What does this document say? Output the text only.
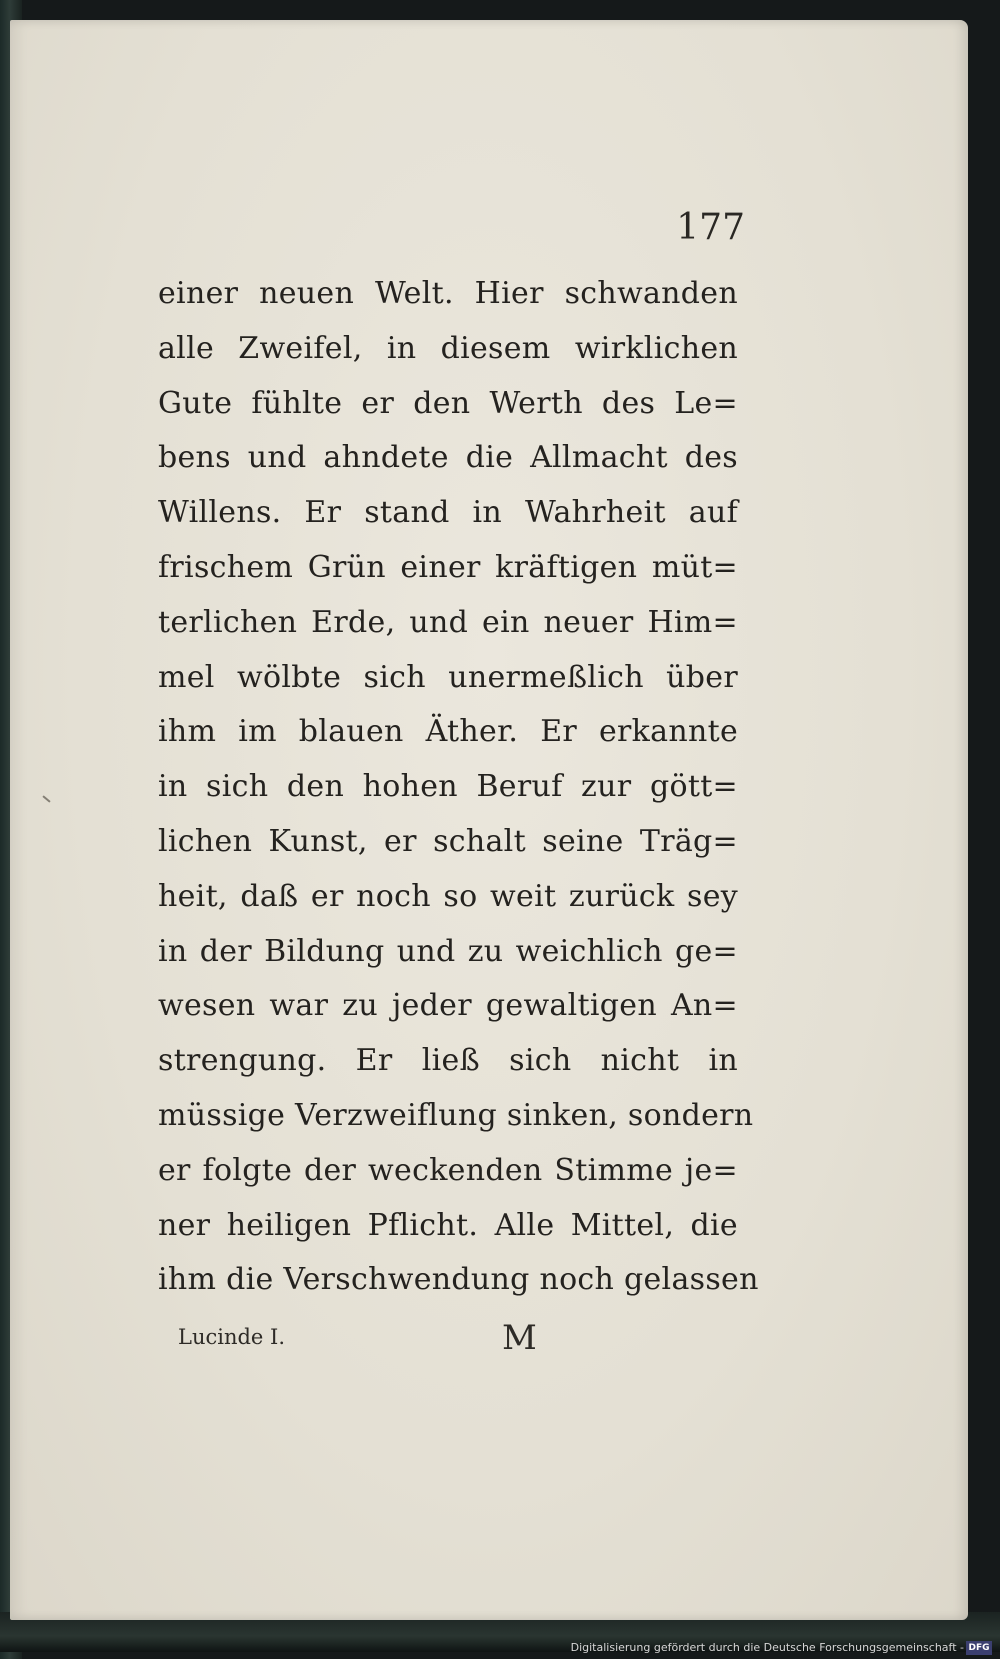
177
einer neuen Welt. Hier schwanden
alle Zweifel, in diesem wirklichen
Gute fühlte er den Werth des Le=
bens und ahndete die Allmacht des
Willens. Er stand in Wahrheit auf
frischem Grün einer kräftigen müt=
terlichen Erde, und ein neuer Him=
mel wölbte sich unermeßlich über
ihm im blauen Äther. Er erkannte
in sich den hohen Beruf zur gött=
lichen Kunst, er schalt seine Träg=
heit, daß er noch so weit zurück sey
in der Bildung und zu weichlich ge=
wesen war zu jeder gewaltigen An=
strengung. Er ließ sich nicht in
müssige Verzweiflung sinken, sondern
er folgte der weckenden Stimme je=
ner heiligen Pflicht. Alle Mittel, die
ihm die Verschwendung noch gelassen
Lucinde I.	M
Digitalisierung gefördert durch die Deutsche Forschungsgemeinschaft - DFG
